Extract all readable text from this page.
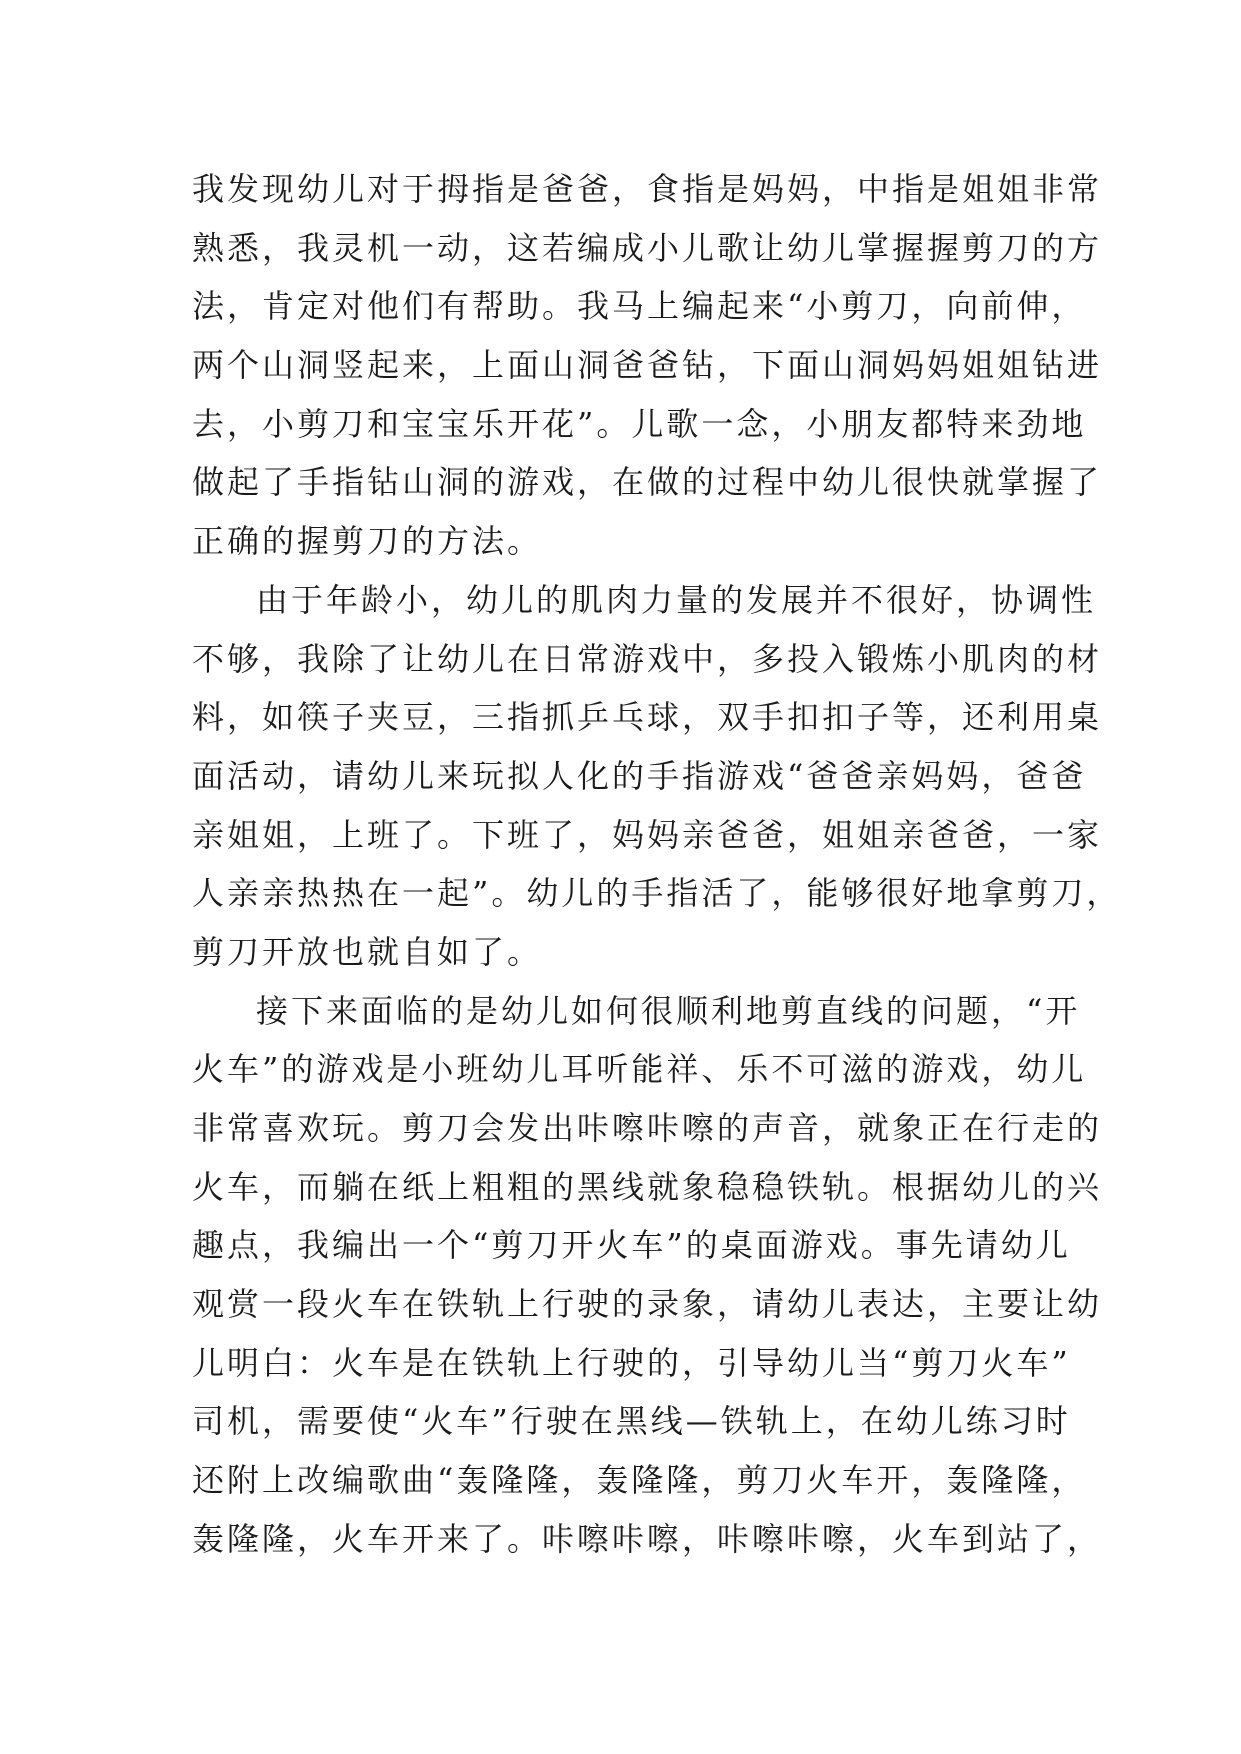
我发现幼儿对于拇指是爸爸，食指是妈妈，中指是姐姐非常
熟悉，我灵机一动，这若编成小儿歌让幼儿掌握握剪刀的方
法，肯定对他们有帮助。我马上编起来“小剪刀，向前伸，
两个山洞竖起来，上面山洞爸爸钻，下面山洞妈妈姐姐钻进
去，小剪刀和宝宝乐开花”。儿歌一念，小朋友都特来劲地
做起了手指钻山洞的游戏，在做的过程中幼儿很快就掌握了
正确的握剪刀的方法。
由于年龄小，幼儿的肌肉力量的发展并不很好，协调性
不够，我除了让幼儿在日常游戏中，多投入锻炼小肌肉的材
料，如筷子夹豆，三指抓乒乓球，双手扣扣子等，还利用桌
面活动，请幼儿来玩拟人化的手指游戏“爸爸亲妈妈，爸爸
亲姐姐，上班了。下班了，妈妈亲爸爸，姐姐亲爸爸，一家
人亲亲热热在一起”。幼儿的手指活了，能够很好地拿剪刀，
剪刀开放也就自如了。
接下来面临的是幼儿如何很顺利地剪直线的问题，“开
火车”的游戏是小班幼儿耳听能祥、乐不可滋的游戏，幼儿
非常喜欢玩。剪刀会发出咔嚓咔嚓的声音，就象正在行走的
火车，而躺在纸上粗粗的黑线就象稳稳铁轨。根据幼儿的兴
趣点，我编出一个“剪刀开火车”的桌面游戏。事先请幼儿
观赏一段火车在铁轨上行驶的录象，请幼儿表达，主要让幼
儿明白：火车是在铁轨上行驶的，引导幼儿当“剪刀火车”
司机，需要使“火车”行驶在黑线—铁轨上，在幼儿练习时
还附上改编歌曲“轰隆隆，轰隆隆，剪刀火车开，轰隆隆，
轰隆隆，火车开来了。咔嚓咔嚓，咔嚓咔嚓，火车到站了，
